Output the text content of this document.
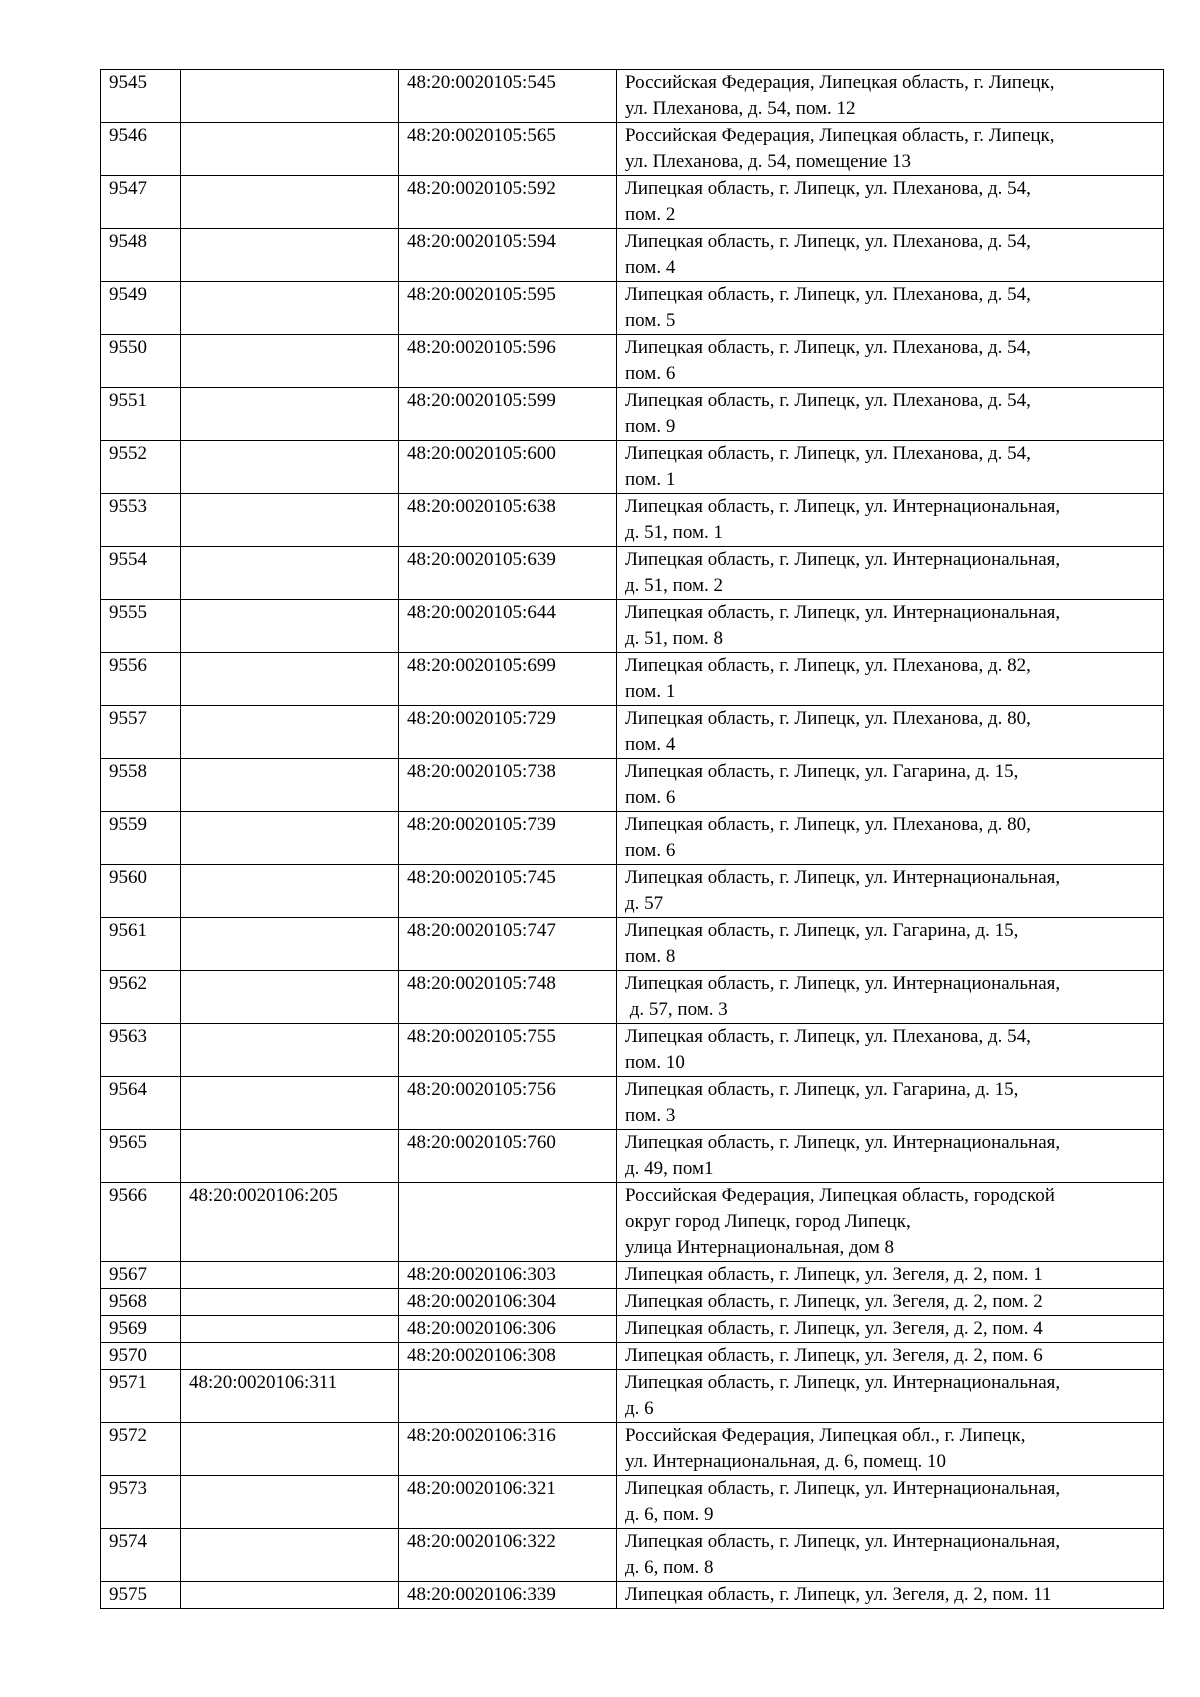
9545		48:20:0020105:545	Российская Федерация, Липецкая область, г. Липецк,
ул. Плеханова, д. 54, пом. 12

9546		48:20:0020105:565	Российская Федерация, Липецкая область, г. Липецк,
ул. Плеханова, д. 54, помещение 13

9547		48:20:0020105:592	Липецкая область, г. Липецк, ул. Плеханова, д. 54,
пом. 2

9548		48:20:0020105:594	Липецкая область, г. Липецк, ул. Плеханова, д. 54,
пом. 4

9549		48:20:0020105:595	Липецкая область, г. Липецк, ул. Плеханова, д. 54,
пом. 5

9550		48:20:0020105:596	Липецкая область, г. Липецк, ул. Плеханова, д. 54,
пом. 6

9551		48:20:0020105:599	Липецкая область, г. Липецк, ул. Плеханова, д. 54,
пом. 9

9552		48:20:0020105:600	Липецкая область, г. Липецк, ул. Плеханова, д. 54,
пом. 1

9553		48:20:0020105:638	Липецкая область, г. Липецк, ул. Интернациональная,
д. 51, пом. 1

9554		48:20:0020105:639	Липецкая область, г. Липецк, ул. Интернациональная,
д. 51, пом. 2

9555		48:20:0020105:644	Липецкая область, г. Липецк, ул. Интернациональная,
д. 51, пом. 8

9556		48:20:0020105:699	Липецкая область, г. Липецк, ул. Плеханова, д. 82,
пом. 1

9557		48:20:0020105:729	Липецкая область, г. Липецк, ул. Плеханова, д. 80,
пом. 4

9558		48:20:0020105:738	Липецкая область, г. Липецк, ул. Гагарина, д. 15,
пом. 6

9559		48:20:0020105:739	Липецкая область, г. Липецк, ул. Плеханова, д. 80,
пом. 6

9560		48:20:0020105:745	Липецкая область, г. Липецк, ул. Интернациональная,
д. 57

9561		48:20:0020105:747	Липецкая область, г. Липецк, ул. Гагарина, д. 15,
пом. 8

9562		48:20:0020105:748	Липецкая область, г. Липецк, ул. Интернациональная,
д. 57, пом. 3

9563		48:20:0020105:755	Липецкая область, г. Липецк, ул. Плеханова, д. 54,
пом. 10

9564		48:20:0020105:756	Липецкая область, г. Липецк, ул. Гагарина, д. 15,
пом. 3

9565		48:20:0020105:760	Липецкая область, г. Липецк, ул. Интернациональная,
д. 49, пом1

9566	48:20:0020106:205		Российская Федерация, Липецкая область, городской
округ город Липецк, город Липецк,
улица Интернациональная, дом 8

9567		48:20:0020106:303	Липецкая область, г. Липецк, ул. Зегеля, д. 2, пом. 1

9568		48:20:0020106:304	Липецкая область, г. Липецк, ул. Зегеля, д. 2, пом. 2

9569		48:20:0020106:306	Липецкая область, г. Липецк, ул. Зегеля, д. 2, пом. 4

9570		48:20:0020106:308	Липецкая область, г. Липецк, ул. Зегеля, д. 2, пом. 6

9571	48:20:0020106:311		Липецкая область, г. Липецк, ул. Интернациональная,
д. 6

9572		48:20:0020106:316	Российская Федерация, Липецкая обл., г. Липецк,
ул. Интернациональная, д. 6, помещ. 10

9573		48:20:0020106:321	Липецкая область, г. Липецк, ул. Интернациональная,
д. 6, пом. 9

9574		48:20:0020106:322	Липецкая область, г. Липецк, ул. Интернациональная,
д. 6, пом. 8

9575		48:20:0020106:339	Липецкая область, г. Липецк, ул. Зегеля, д. 2, пом. 11
